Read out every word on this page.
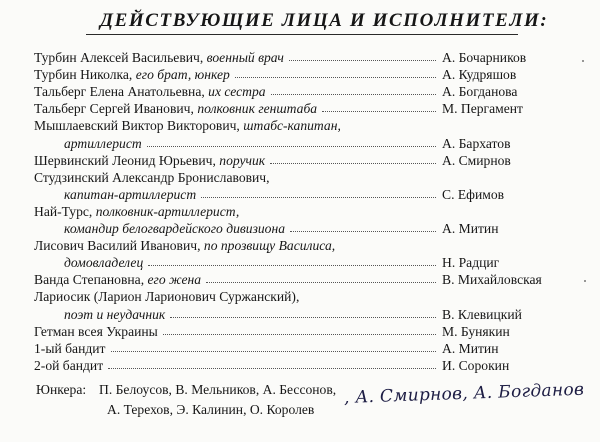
ДЕЙСТВУЮЩИЕ ЛИЦА И ИСПОЛНИТЕЛИ:
Турбин Алексей Васильевич, военный врач	А. Бочарников
Турбин Николка, его брат, юнкер	А. Кудряшов
Тальберг Елена Анатольевна, их сестра	А. Богданова
Тальберг Сергей Иванович, полковник генштаба	М. Пергамент
Мышлаевский Виктор Викторович, штабс-капитан,
артиллерист	А. Бархатов
Шервинский Леонид Юрьевич, поручик	А. Смирнов
Студзинский Александр Брониславович,
капитан-артиллерист	С. Ефимов
Най-Турс, полковник-артиллерист,
командир белогвардейского дивизиона	А. Митин
Лисович Василий Иванович, по прозвищу Василиса,
домовладелец	Н. Радциг
Ванда Степановна, его жена	В. Михайловская
Лариосик (Ларион Ларионович Суржанский),
поэт и неудачник	В. Клевицкий
Гетман всея Украины	М. Бунякин
1-ый бандит	А. Митин
2-ой бандит	И. Сорокин
Юнкера: П. Белоусов, В. Мельников, А. Бессонов,
А. Терехов, Э. Калинин, О. Королев
, А. Смирнов, А. Богданов
